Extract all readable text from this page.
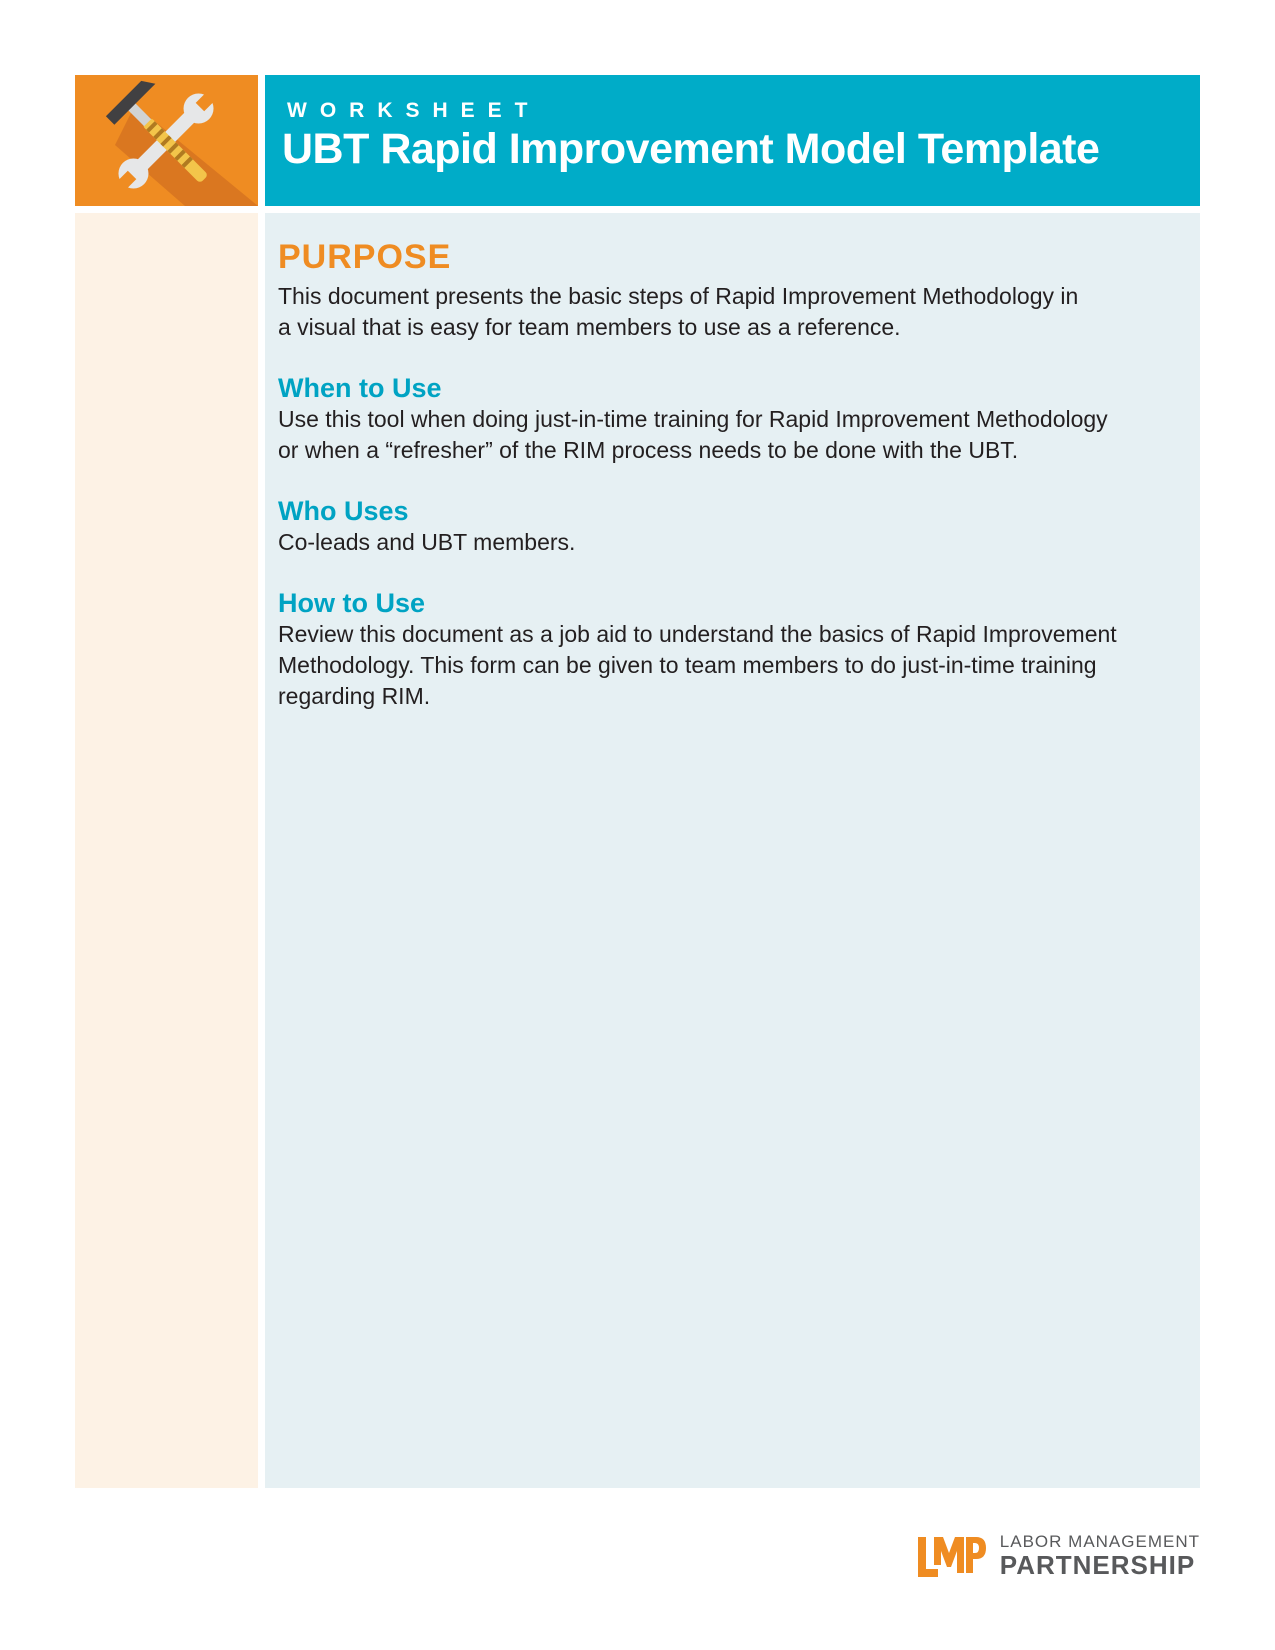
WORKSHEET
UBT Rapid Improvement Model Template
PURPOSE

This document presents the basic steps of Rapid Improvement Methodology in

a visual that is easy for team members to use as a reference.

When to Use

Use this tool when doing just-in-time training for Rapid Improvement Methodology

or when a “refresher” of the RIM process needs to be done with the UBT.

Who Uses

Co-leads and UBT members.

How to Use

Review this document as a job aid to understand the basics of Rapid Improvement

Methodology. This form can be given to team members to do just-in-time training

regarding RIM.

LABOR MANAGEMENT
PARTNERSHIP
